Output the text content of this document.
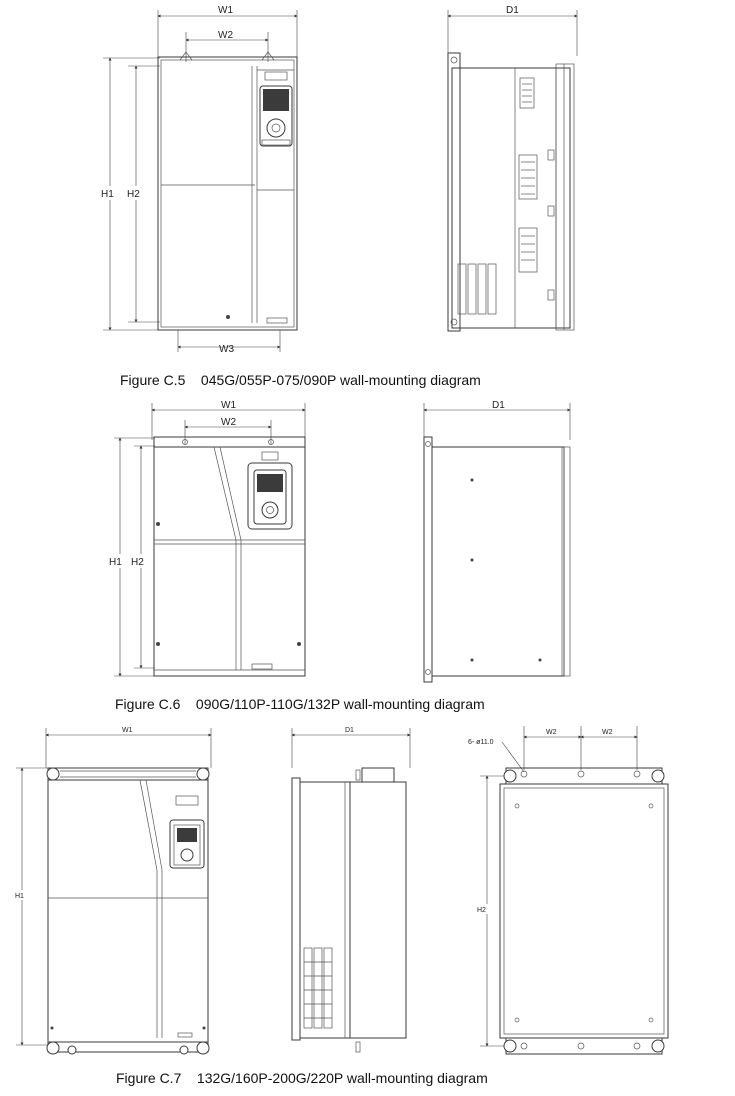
W1
W2
H1 H2
W3
D1
W1
W2
H1 H2
D1
W1
H1
D1
6- ø11.0
W2	W2
H2
Figure C.5    045G/055P-075/090P wall-mounting diagram
Figure C.6    090G/110P-110G/132P wall-mounting diagram
Figure C.7    132G/160P-200G/220P wall-mounting diagram
